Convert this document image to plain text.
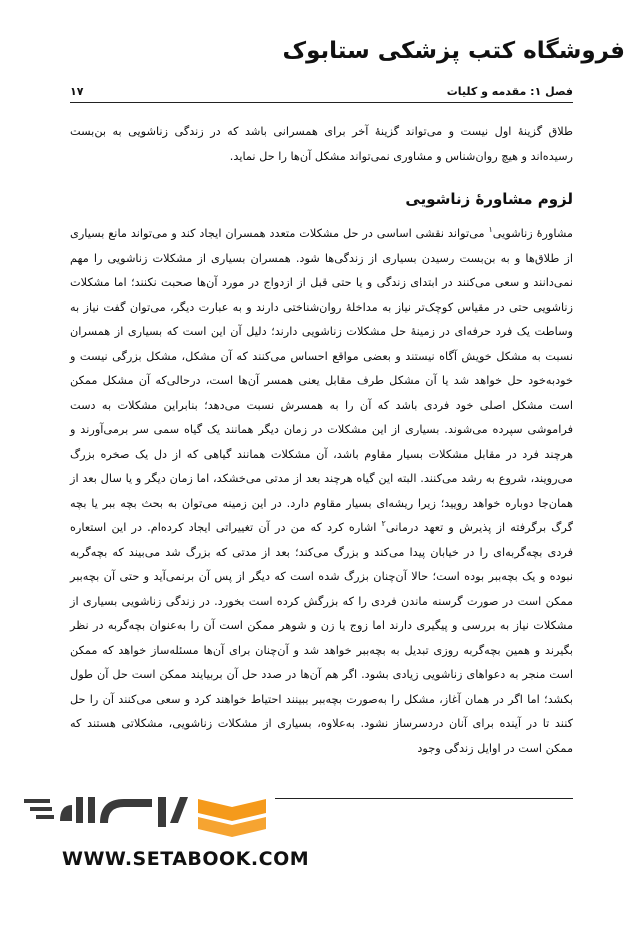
فروشگاه کتب پزشکی ستابوک
فصل ۱: مقدمه و کلیات
۱۷
طلاق گزینهٔ اول نیست و می‌تواند گزینهٔ آخر برای همسرانی باشد که در زندگی زناشویی به بن‌بست رسیده‌اند و هیچ روان‌شناس و مشاوری نمی‌تواند مشکل آن‌ها را حل نماید.
لزوم مشاورهٔ زناشویی
مشاورهٔ زناشویی$^۱$ می‌تواند نقشی اساسی در حل مشکلات متعدد همسران ایجاد کند و می‌تواند مانع بسیاری از طلاق‌ها و به بن‌بست رسیدن بسیاری از زندگی‌ها شود. همسران بسیاری از مشکلات زناشویی را مهم نمی‌دانند و سعی می‌کنند در ابتدای زندگی و یا حتی قبل از ازدواج در مورد آن‌ها صحبت نکنند؛ اما مشکلات زناشویی حتی در مقیاس کوچک‌تر نیاز به مداخلهٔ روان‌شناختی دارند و به عبارت دیگر، می‌توان گفت نیاز به وساطت یک فرد حرفه‌ای در زمینهٔ حل مشکلات زناشویی دارند؛ دلیل آن این است که بسیاری از همسران نسبت به مشکل خویش آگاه نیستند و بعضی مواقع احساس می‌کنند که آن مشکل، مشکل بزرگی نیست و خودبه‌خود حل خواهد شد یا آن مشکل طرف مقابل یعنی همسر آن‌ها است، درحالی‌که آن مشکل ممکن است مشکل اصلی خود فردی باشد که آن را به همسرش نسبت می‌دهد؛ بنابراین مشکلات به دست فراموشی سپرده می‌شوند. بسیاری از این مشکلات در زمان دیگر همانند یک گیاه سمی سر برمی‌آورند و هرچند فرد در مقابل مشکلات بسیار مقاوم باشد، آن مشکلات همانند گیاهی که از دل یک صخره بزرگ می‌رویند، شروع به رشد می‌کنند. البته این گیاه هرچند بعد از مدتی می‌خشکد، اما زمان دیگر و یا سال بعد از همان‌جا دوباره خواهد رویید؛ زیرا ریشه‌ای بسیار مقاوم دارد. در این زمینه می‌توان به بحث بچه ببر یا بچه گرگ برگرفته از پذیرش و تعهد درمانی$^۲$ اشاره کرد که من در آن تغییراتی ایجاد کرده‌ام. در این استعاره فردی بچه‌گربه‌ای را در خیابان پیدا می‌کند و بزرگ می‌کند؛ بعد از مدتی که بزرگ شد می‌بیند که بچه‌گربه نبوده و یک بچه‌ببر بوده است؛ حالا آن‌چنان بزرگ شده است که دیگر از پس آن برنمی‌آید و حتی آن بچه‌ببر ممکن است در صورت گرسنه ماندن فردی را که بزرگش کرده است بخورد. در زندگی زناشویی بسیاری از مشکلات نیاز به بررسی و پیگیری دارند اما زوج یا زن و شوهر ممکن است آن را به‌عنوان بچه‌گربه در نظر بگیرند و همین بچه‌گربه روزی تبدیل به بچه‌ببر خواهد شد و آن‌چنان برای آن‌ها مسئله‌ساز خواهد که ممکن است منجر به دعواهای زناشویی زیادی بشود. اگر هم آن‌ها در صدد حل آن بربیایند ممکن است حل آن طول بکشد؛ اما اگر در همان آغاز، مشکل را به‌صورت بچه‌ببر ببینند احتیاط خواهند کرد و سعی می‌کنند آن را حل کنند تا در آینده برای آنان دردسرساز نشود. به‌علاوه، بسیاری از مشکلات زناشویی، مشکلاتی هستند که ممکن است در اوایل زندگی وجود
WWW.SETABOOK.COM
